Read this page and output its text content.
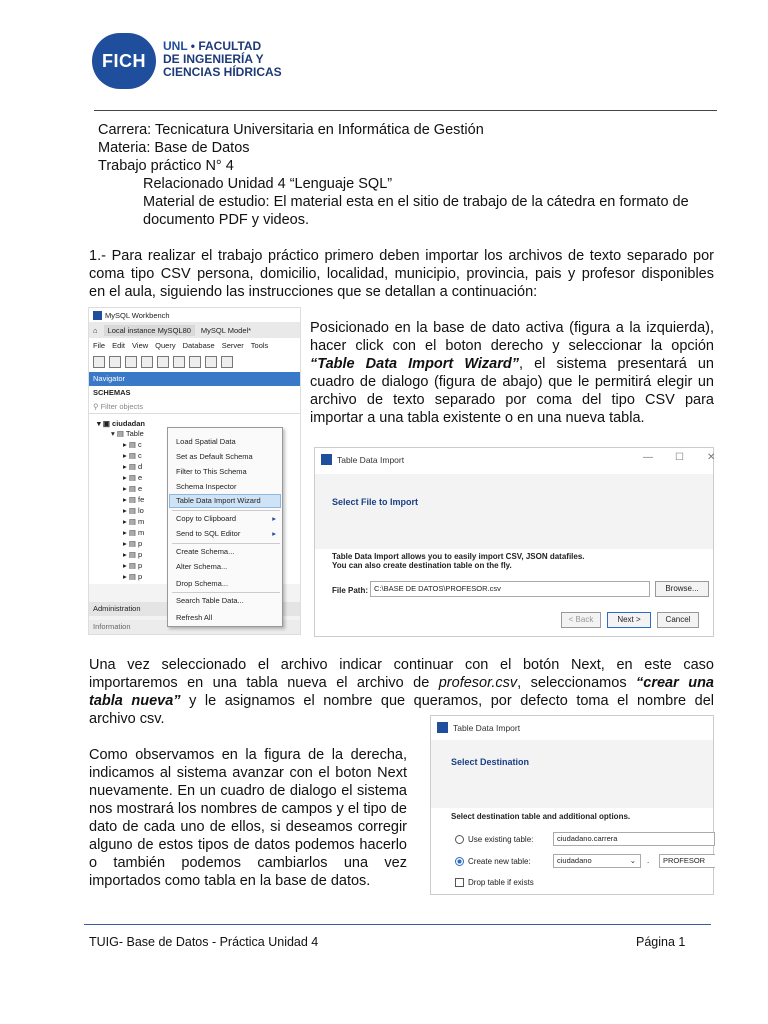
FICH
UNL • FACULTAD
DE INGENIERÍA Y
CIENCIAS HÍDRICAS
Carrera: Tecnicatura Universitaria en Informática de Gestión
Materia: Base de Datos
Trabajo práctico N° 4
Relacionado Unidad 4 “Lenguaje SQL”
Material de estudio: El material esta en el sitio de trabajo de la cátedra en formato de
documento PDF y videos.
1.- Para realizar el trabajo práctico primero deben importar los archivos de texto separado por
coma tipo CSV persona, domicilio, localidad, municipio, provincia, pais y profesor disponibles
en el aula, siguiendo las instrucciones que se detallan a continuación:
MySQL Workbench
⌂	Local instance MySQL80	MySQL Model*
File Edit View Query Database Server Tools
Navigator
SCHEMAS
⚲ Filter objects
▾ ▣ ciudadan
▾ ▤ Table
▸ ▤ c
▸ ▤ c
▸ ▤ d
▸ ▤ e
▸ ▤ e
▸ ▤ fe
▸ ▤ lo
▸ ▤ m
▸ ▤ m
▸ ▤ p
▸ ▤ p
▸ ▤ p
▸ ▤ p
Administration
Information
Load Spatial Data
Set as Default Schema
Filter to This Schema
Schema Inspector
Table Data Import Wizard
Copy to Clipboard	▸
Send to SQL Editor	▸
Create Schema...
Alter Schema...
Drop Schema...
Search Table Data...
Refresh All
Posicionado en la base de dato activa (figura a la izquierda),
hacer click con el boton derecho y seleccionar la opción
“Table Data Import Wizard”, el sistema presentará un
cuadro de dialogo (figura de abajo) que le permitirá elegir un
archivo de texto separado por coma del tipo CSV para
importar a una tabla existente o en una nueva tabla.
Table Data Import	— ☐ ✕
Select File to Import
Table Data Import allows you to easily import CSV, JSON datafiles.
You can also create destination table on the fly.
File Path: C:\BASE DE DATOS\PROFESOR.csv	Browse...
< Back	Next >	Cancel
Una vez seleccionado el archivo indicar continuar con el botón Next, en este caso
importaremos en una tabla nueva el archivo de profesor.csv, seleccionamos “crear una
tabla nueva” y le asignamos el nombre que queramos, por defecto toma el nombre del
archivo csv.
Como observamos en la figura de la derecha,
indicamos al sistema avanzar con el boton Next
nuevamente. En un cuadro de dialogo el sistema
nos mostrará los nombres de campos y el tipo de
dato de cada uno de ellos, si deseamos corregir
alguno de estos tipos de datos podemos hacerlo
o también podemos cambiarlos una vez
importados como tabla en la base de datos.
Table Data Import
Select Destination
Select destination table and additional options.
Use existing table:	ciudadano.carrera
Create new table:	ciudadano	⌄ .	PROFESOR
Drop table if exists
TUIG- Base de Datos - Práctica Unidad 4	Página 1
